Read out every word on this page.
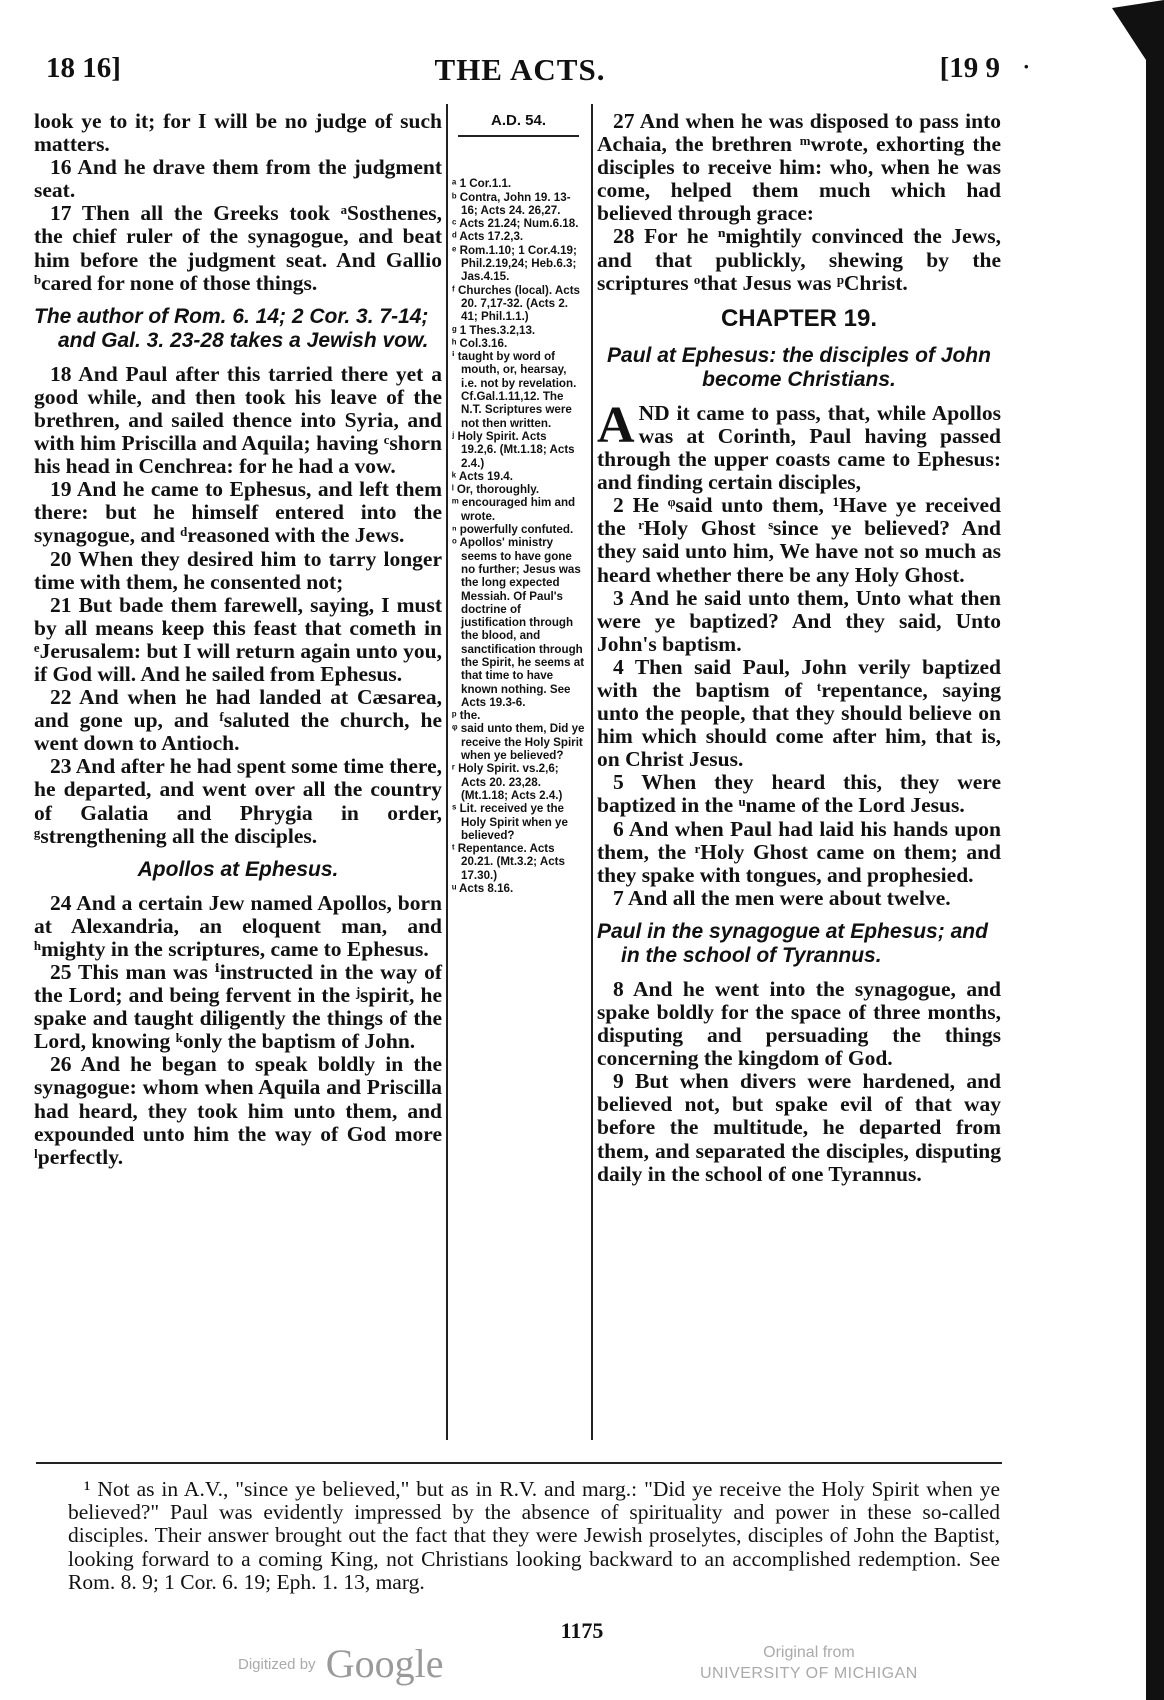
18 16]	THE ACTS.	[19 9 ·

look ye to it; for I will be no judge of such matters.

16 And he drave them from the judgment seat.

17 Then all the Greeks took ᵃSosthenes, the chief ruler of the synagogue, and beat him before the judgment seat. And Gallio ᵇcared for none of those things.

The author of Rom. 6. 14; 2 Cor. 3. 7-14; and Gal. 3. 23-28 takes a Jewish vow.

18 And Paul after this tarried there yet a good while, and then took his leave of the brethren, and sailed thence into Syria, and with him Priscilla and Aquila; having ᶜshorn his head in Cenchrea: for he had a vow.

19 And he came to Ephesus, and left them there: but he himself entered into the synagogue, and ᵈreasoned with the Jews.

20 When they desired him to tarry longer time with them, he consented not;

21 But bade them farewell, saying, I must by all means keep this feast that cometh in ᵉJerusalem: but I will return again unto you, if God will. And he sailed from Ephesus.

22 And when he had landed at Cæsarea, and gone up, and ᶠsaluted the church, he went down to Antioch.

23 And after he had spent some time there, he departed, and went over all the country of Galatia and Phrygia in order, ᵍstrengthening all the disciples.

Apollos at Ephesus.

24 And a certain Jew named Apollos, born at Alexandria, an eloquent man, and ʰmighty in the scriptures, came to Ephesus.

25 This man was ⁱinstructed in the way of the Lord; and being fervent in the ʲspirit, he spake and taught diligently the things of the Lord, knowing ᵏonly the baptism of John.

26 And he began to speak boldly in the synagogue: whom when Aquila and Priscilla had heard, they took him unto them, and expounded unto him the way of God more ˡperfectly.

A.D. 54.
ᵃ 1 Cor.1.1.
ᵇ Contra, John 19. 13-16; Acts 24. 26,27.
ᶜ Acts 21.24; Num.6.18.
ᵈ Acts 17.2,3.
ᵉ Rom.1.10; 1 Cor.4.19; Phil.2.19,24; Heb.6.3; Jas.4.15.
ᶠ Churches (local). Acts 20. 7,17-32. (Acts 2. 41; Phil.1.1.)
ᵍ 1 Thes.3.2,13.
ʰ Col.3.16.
ⁱ taught by word of mouth, or, hearsay, i.e. not by revelation. Cf.Gal.1.11,12. The N.T. Scriptures were not then written.
ʲ Holy Spirit. Acts 19.2,6. (Mt.1.18; Acts 2.4.)
ᵏ Acts 19.4.
ˡ Or, thoroughly.
ᵐ encouraged him and wrote.
ⁿ powerfully confuted.
ᵒ Apollos' ministry seems to have gone no further; Jesus was the long expected Messiah. Of Paul's doctrine of justification through the blood, and sanctification through the Spirit, he seems at that time to have known nothing. See Acts 19.3-6.
ᵖ the.
ᵠ said unto them, Did ye receive the Holy Spirit when ye believed?
ʳ Holy Spirit. vs.2,6; Acts 20. 23,28. (Mt.1.18; Acts 2.4.)
ˢ Lit. received ye the Holy Spirit when ye believed?
ᵗ Repentance. Acts 20.21. (Mt.3.2; Acts 17.30.)
ᵘ Acts 8.16.

27 And when he was disposed to pass into Achaia, the brethren ᵐwrote, exhorting the disciples to receive him: who, when he was come, helped them much which had believed through grace:

28 For he ⁿmightily convinced the Jews, and that publickly, shewing by the scriptures ᵒthat Jesus was ᵖChrist.

CHAPTER 19.

Paul at Ephesus: the disciples of John become Christians.

AND it came to pass, that, while Apollos was at Corinth, Paul having passed through the upper coasts came to Ephesus: and finding certain disciples,

2 He ᵠsaid unto them, ¹Have ye received the ʳHoly Ghost ˢsince ye believed? And they said unto him, We have not so much as heard whether there be any Holy Ghost.

3 And he said unto them, Unto what then were ye baptized? And they said, Unto John's baptism.

4 Then said Paul, John verily baptized with the baptism of ᵗrepentance, saying unto the people, that they should believe on him which should come after him, that is, on Christ Jesus.

5 When they heard this, they were baptized in the ᵘname of the Lord Jesus.

6 And when Paul had laid his hands upon them, the ʳHoly Ghost came on them; and they spake with tongues, and prophesied.

7 And all the men were about twelve.

Paul in the synagogue at Ephesus; and in the school of Tyrannus.

8 And he went into the synagogue, and spake boldly for the space of three months, disputing and persuading the things concerning the kingdom of God.

9 But when divers were hardened, and believed not, but spake evil of that way before the multitude, he departed from them, and separated the disciples, disputing daily in the school of one Tyrannus.

¹ Not as in A.V., "since ye believed," but as in R.V. and marg.: "Did ye receive the Holy Spirit when ye believed?" Paul was evidently impressed by the absence of spirituality and power in these so-called disciples. Their answer brought out the fact that they were Jewish proselytes, disciples of John the Baptist, looking forward to a coming King, not Christians looking backward to an accomplished redemption. See Rom. 8. 9; 1 Cor. 6. 19; Eph. 1. 13, marg.

1175
Digitized by Google	Original from
UNIVERSITY OF MICHIGAN
